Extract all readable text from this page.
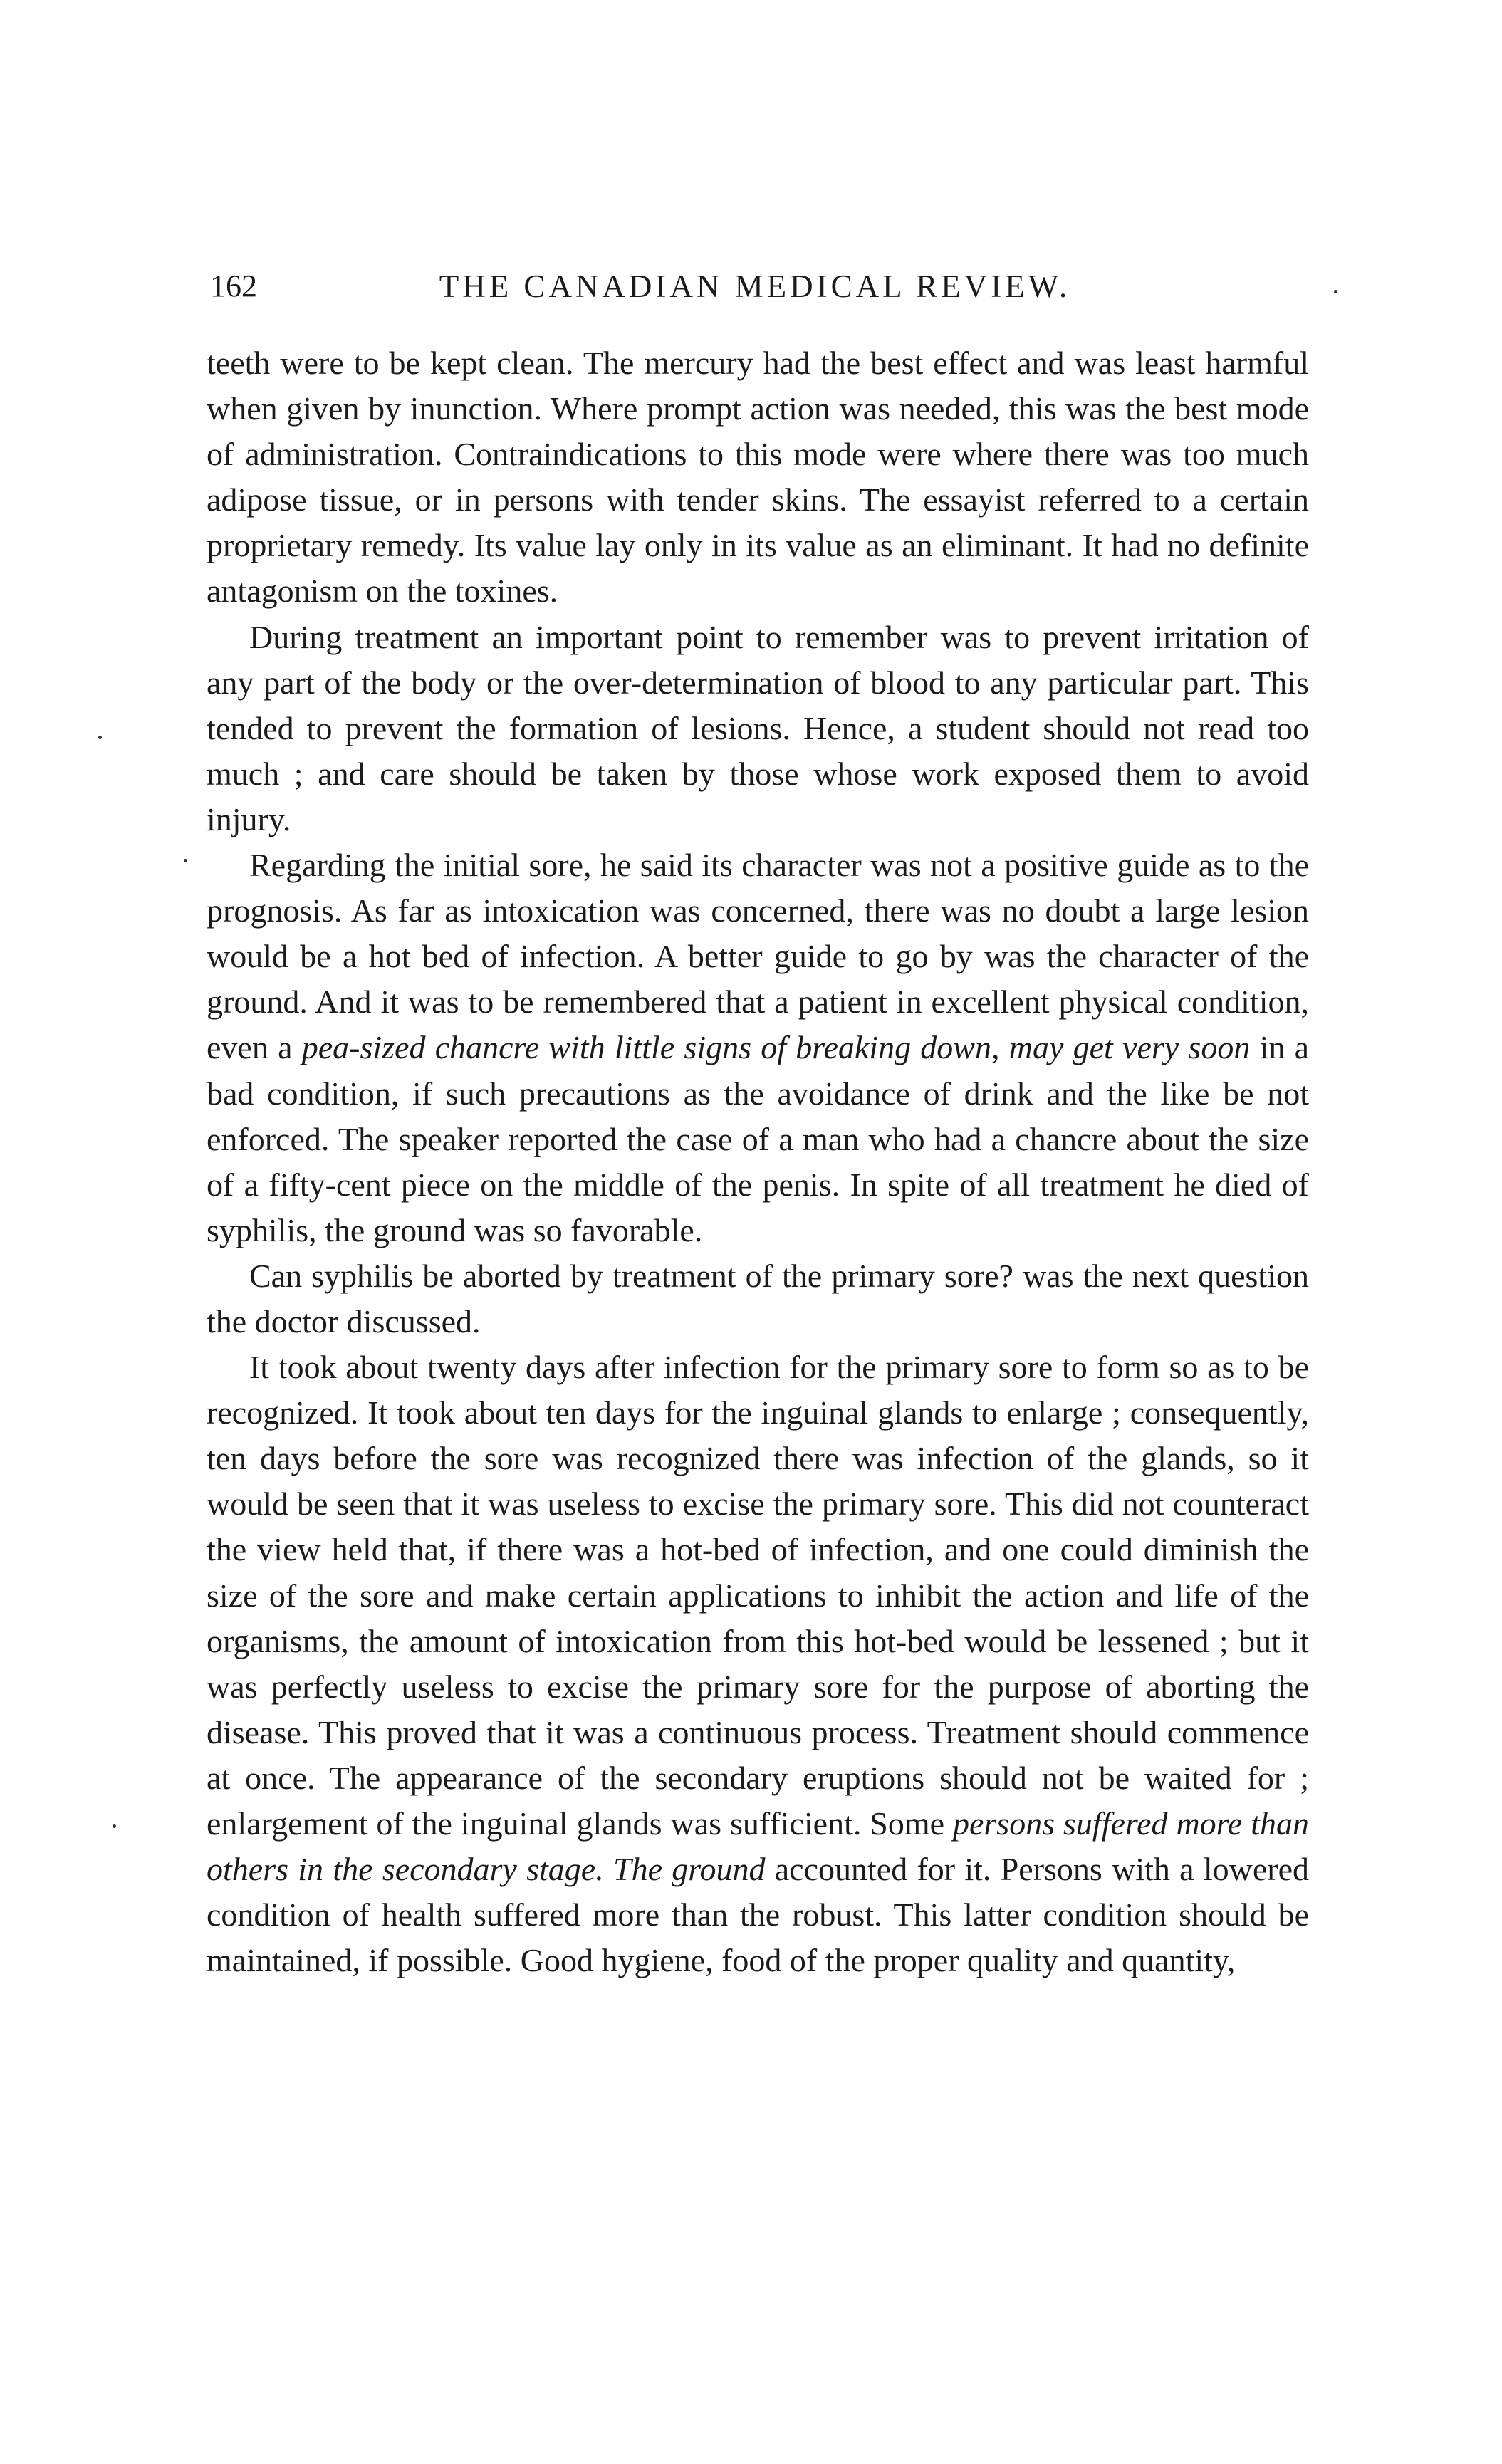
162	THE CANADIAN MEDICAL REVIEW.

teeth were to be kept clean. The mercury had the best effect and was least harmful when given by inunction. Where prompt action was needed, this was the best mode of administration. Contraindications to this mode were where there was too much adipose tissue, or in persons with tender skins. The essayist referred to a certain proprietary remedy. Its value lay only in its value as an eliminant. It had no definite antagonism on the toxines.

During treatment an important point to remember was to prevent irritation of any part of the body or the over-determination of blood to any particular part. This tended to prevent the formation of lesions. Hence, a student should not read too much ; and care should be taken by those whose work exposed them to avoid injury.

Regarding the initial sore, he said its character was not a positive guide as to the prognosis. As far as intoxication was concerned, there was no doubt a large lesion would be a hot bed of infection. A better guide to go by was the character of the ground. And it was to be remembered that a patient in excellent physical condition, even a pea-sized chancre with little signs of breaking down, may get very soon in a bad condition, if such precautions as the avoidance of drink and the like be not enforced. The speaker reported the case of a man who had a chancre about the size of a fifty-cent piece on the middle of the penis. In spite of all treatment he died of syphilis, the ground was so favorable.

Can syphilis be aborted by treatment of the primary sore? was the next question the doctor discussed.

It took about twenty days after infection for the primary sore to form so as to be recognized. It took about ten days for the inguinal glands to enlarge ; consequently, ten days before the sore was recognized there was infection of the glands, so it would be seen that it was useless to excise the primary sore. This did not counteract the view held that, if there was a hot-bed of infection, and one could diminish the size of the sore and make certain applications to inhibit the action and life of the organisms, the amount of intoxication from this hot-bed would be lessened ; but it was perfectly useless to excise the primary sore for the purpose of aborting the disease. This proved that it was a continuous process. Treatment should commence at once. The appearance of the secondary eruptions should not be waited for ; enlargement of the inguinal glands was sufficient. Some persons suffered more than others in the secondary stage. The ground accounted for it. Persons with a lowered condition of health suffered more than the robust. This latter condition should be maintained, if possible. Good hygiene, food of the proper quality and quantity,
